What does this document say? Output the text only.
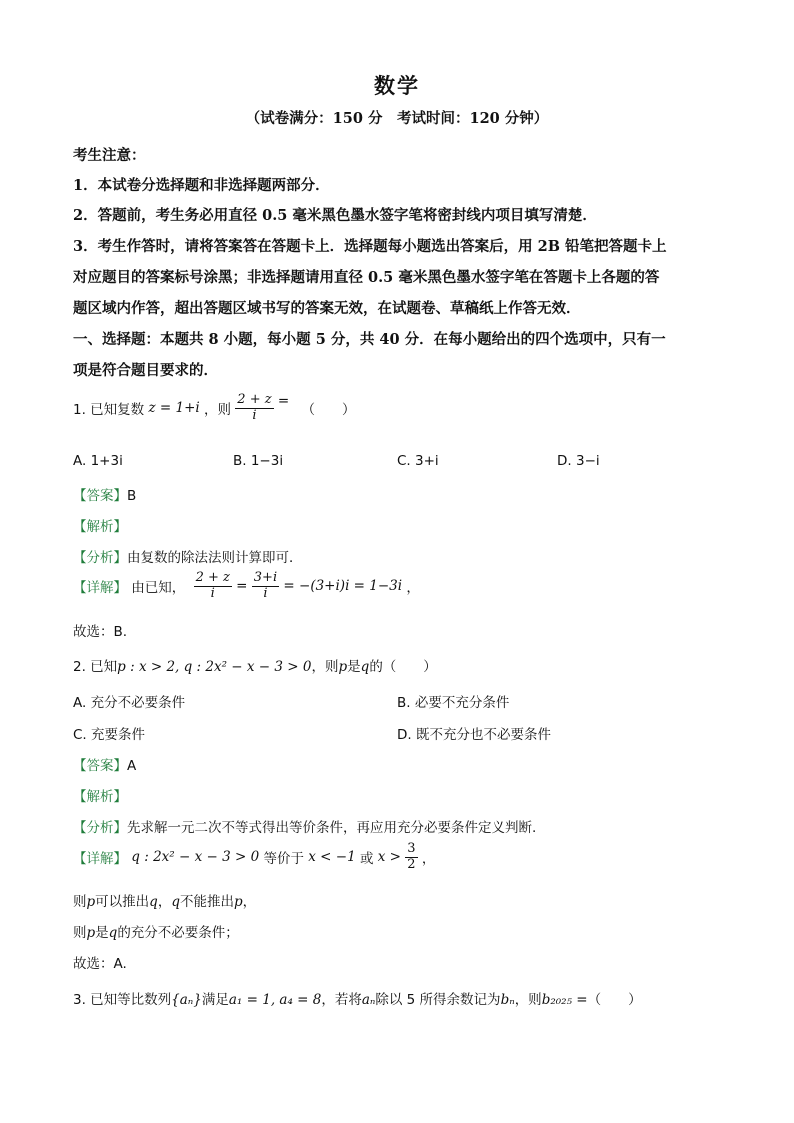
数学
（试卷满分：150 分　考试时间：120 分钟）
考生注意：
1．本试卷分选择题和非选择题两部分．
2．答题前，考生务必用直径 0.5 毫米黑色墨水签字笔将密封线内项目填写清楚．
3．考生作答时，请将答案答在答题卡上．选择题每小题选出答案后，用 2B 铅笔把答题卡上
对应题目的答案标号涂黑；非选择题请用直径 0.5 毫米黑色墨水签字笔在答题卡上各题的答
题区域内作答，超出答题区域书写的答案无效，在试题卷、草稿纸上作答无效．
一、选择题：本题共 8 小题，每小题 5 分，共 40 分．在每小题给出的四个选项中，只有一
项是符合题目要求的．
1. 已知复数 z = 1+i ，则 $\frac{2 + z}{i}$ = （　　）
A. 1+3i	B. 1−3i	C. 3+i	D. 3−i
【答案】B
【解析】
【分析】由复数的除法法则计算即可．
【详解】 由已知， $\frac{2 + z}{i} = \frac{3+i}{i} = -(3+i)i = 1-3i$ ，
故选：B.
2. 已知p : x > 2, q : 2x² − x − 3 > 0，则p是q的（　　）
A. 充分不必要条件	B. 必要不充分条件
C. 充要条件	D. 既不充分也不必要条件
【答案】A
【解析】
【分析】先求解一元二次不等式得出等价条件，再应用充分必要条件定义判断.
【详解】 q : 2x² − x − 3 > 0 等价于 x < −1 或 $x > \frac{3}{2}$ ，
则p可以推出q，q不能推出p，
则p是q的充分不必要条件；
故选：A.
3. 已知等比数列{aₙ}满足a₁ = 1, a₄ = 8，若将aₙ除以 5 所得余数记为bₙ，则b₂₀₂₅ =（　　）
